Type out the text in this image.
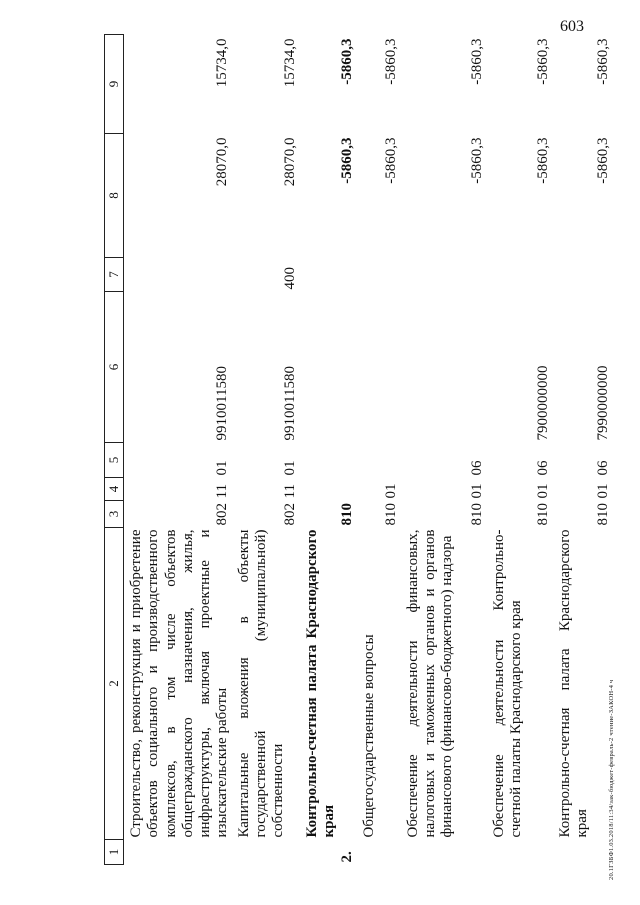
603
20.1ГЗБФ1.03.2018/11:34/зак-бюджет-февраль-2 чтение-ЗАКОН-4 ч
1	2	3	4	5	6	7	8	9
	Строительство, реконструкция и приобретение объектов социального и производственного комплексов, в том числе объектов общегражданского назначения, жилья, инфраструктуры, включая проектные и изыскательские работы	802	11	01	9910011580		28070,0	15734,0
	Капитальные вложения в объекты государственной (муниципальной) собственности	802	11	01	9910011580	400	28070,0	15734,0
2.	Контрольно-счетная палата Краснодарского края	810					-5860,3	-5860,3
	Общегосударственные вопросы	810	01				-5860,3	-5860,3
	Обеспечение деятельности финансовых, налоговых и таможенных органов и органов финансового (финансово-бюджетного) надзора	810	01	06			-5860,3	-5860,3
	Обеспечение деятельности Контрольно-счетной палаты Краснодарского края	810	01	06	7900000000		-5860,3	-5860,3
	Контрольно-счетная палата Краснодарского края	810	01	06	7990000000		-5860,3	-5860,3
